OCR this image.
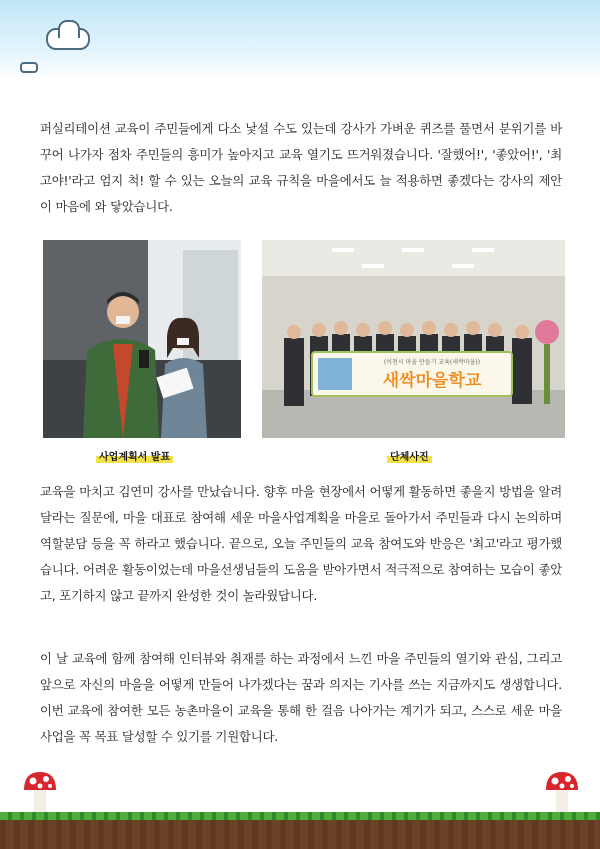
퍼실리테이션 교육이 주민들에게 다소 낯설 수도 있는데 강사가 가벼운 퀴즈를 풀면서 분위기를 바꾸어 나가자 점차 주민들의 흥미가 높아지고 교육 열기도 뜨거워졌습니다. '잘했어!', '좋았어!', '최고야!'라고 엄지 척! 할 수 있는 오늘의 교육 규칙을 마을에서도 늘 적용하면 좋겠다는 강사의 제안이 마음에 와 닿았습니다.

(이천시 마을 만들기 교육(새싹마을))
새싹마을학교
사업계획서 발표	단체사진

교육을 마치고 김연미 강사를 만났습니다. 향후 마을 현장에서 어떻게 활동하면 좋을지 방법을 알려달라는 질문에, 마을 대표로 참여해 세운 마을사업계획을 마을로 돌아가서 주민들과 다시 논의하며 역할분담 등을 꼭 하라고 했습니다. 끝으로, 오늘 주민들의 교육 참여도와 반응은 '최고'라고 평가했습니다. 어려운 활동이었는데 마을선생님들의 도움을 받아가면서 적극적으로 참여하는 모습이 좋았고, 포기하지 않고 끝까지 완성한 것이 놀라웠답니다.

이 날 교육에 함께 참여해 인터뷰와 취재를 하는 과정에서 느낀 마을 주민들의 열기와 관심, 그리고 앞으로 자신의 마을을 어떻게 만들어 나가겠다는 꿈과 의지는 기사를 쓰는 지금까지도 생생합니다. 이번 교육에 참여한 모든 농촌마을이 교육을 통해 한 걸음 나아가는 계기가 되고, 스스로 세운 마을사업을 꼭 목표 달성할 수 있기를 기원합니다.
